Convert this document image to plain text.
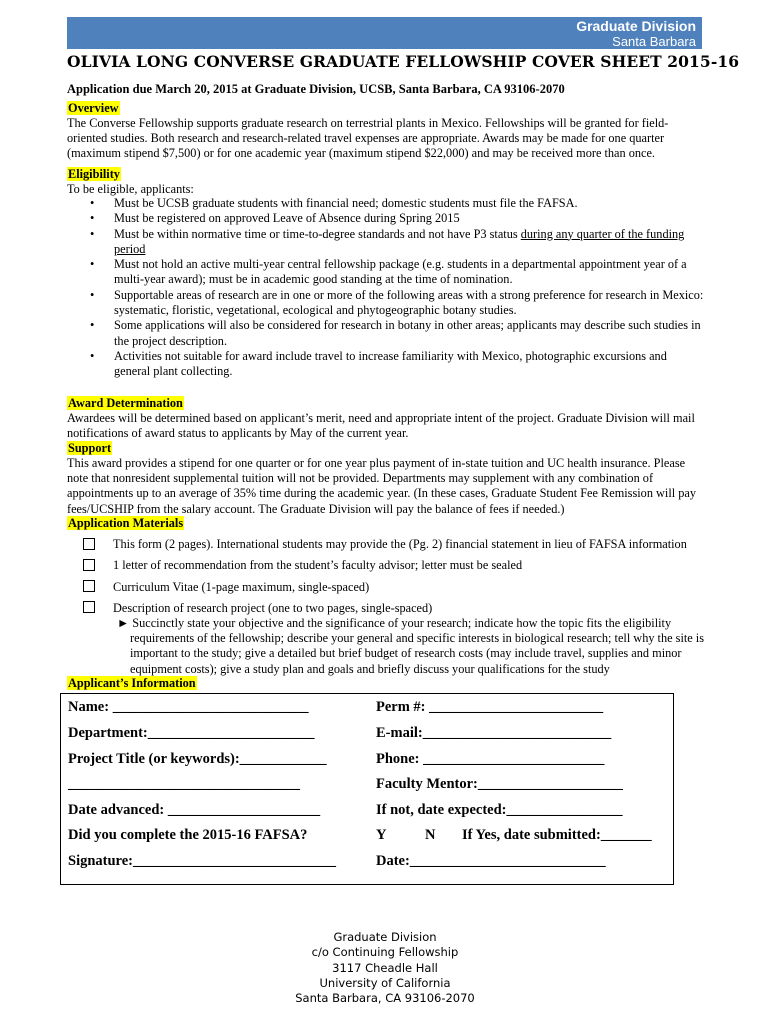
Graduate Division
Santa Barbara
OLIVIA LONG CONVERSE GRADUATE FELLOWSHIP COVER SHEET 2015-16
Application due March 20, 2015 at Graduate Division, UCSB, Santa Barbara, CA 93106-2070
Overview
The Converse Fellowship supports graduate research on terrestrial plants in Mexico. Fellowships will be granted for field-oriented studies. Both research and research-related travel expenses are appropriate. Awards may be made for one quarter (maximum stipend $7,500) or for one academic year (maximum stipend $22,000) and may be received more than once.
Eligibility
To be eligible, applicants:
• Must be UCSB graduate students with financial need; domestic students must file the FAFSA.
• Must be registered on approved Leave of Absence during Spring 2015
• Must be within normative time or time-to-degree standards and not have P3 status during any quarter of the funding period
• Must not hold an active multi-year central fellowship package (e.g. students in a departmental appointment year of a multi-year award); must be in academic good standing at the time of nomination.
• Supportable areas of research are in one or more of the following areas with a strong preference for research in Mexico: systematic, floristic, vegetational, ecological and phytogeographic botany studies.
• Some applications will also be considered for research in botany in other areas; applicants may describe such studies in the project description.
• Activities not suitable for award include travel to increase familiarity with Mexico, photographic excursions and general plant collecting.
Award Determination
Awardees will be determined based on applicant’s merit, need and appropriate intent of the project. Graduate Division will mail notifications of award status to applicants by May of the current year.
Support
This award provides a stipend for one quarter or for one year plus payment of in-state tuition and UC health insurance. Please note that nonresident supplemental tuition will not be provided. Departments may supplement with any combination of appointments up to an average of 35% time during the academic year. (In these cases, Graduate Student Fee Remission will pay fees/UCSHIP from the salary account. The Graduate Division will pay the balance of fees if needed.)
Application Materials
This form (2 pages). International students may provide the (Pg. 2) financial statement in lieu of FAFSA information
1 letter of recommendation from the student’s faculty advisor; letter must be sealed
Curriculum Vitae (1-page maximum, single-spaced)
Description of research project (one to two pages, single-spaced)
► Succinctly state your objective and the significance of your research; indicate how the topic fits the eligibility requirements of the fellowship; describe your general and specific interests in biological research; tell why the site is important to the study; give a detailed but brief budget of research costs (may include travel, supplies and minor equipment costs); give a study plan and goals and briefly discuss your qualifications for the study
Applicant’s Information
Name: ___________________________	Perm #: ________________________
Department:_______________________	E-mail:__________________________
Project Title (or keywords):____________	Phone: _________________________
________________________________	Faculty Mentor:____________________
Date advanced: _____________________	If not, date expected:________________
Did you complete the 2015-16 FAFSA?	Y	N If Yes, date submitted:_______
Signature:____________________________	Date:___________________________
Graduate Division
c/o Continuing Fellowship
3117 Cheadle Hall
University of California
Santa Barbara, CA 93106-2070
